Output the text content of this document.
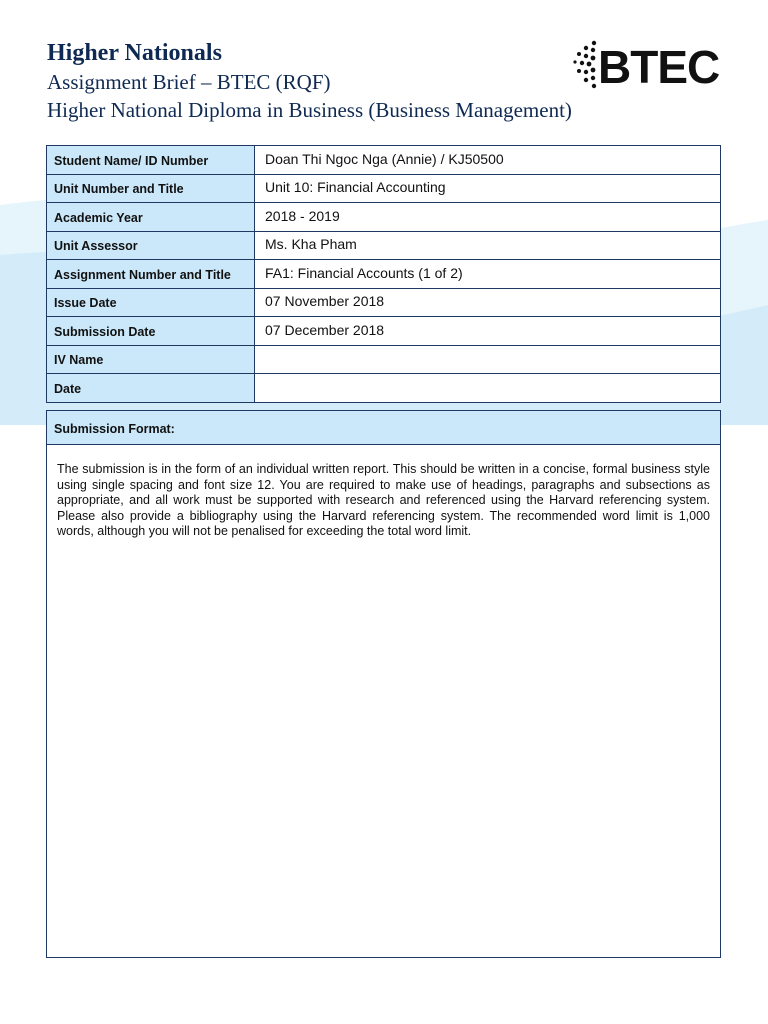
Higher Nationals
Assignment Brief – BTEC (RQF)
Higher National Diploma in Business (Business Management)
BTEC
Student Name/ ID Number	Doan Thi Ngoc Nga (Annie) / KJ50500
Unit Number and Title	Unit 10: Financial Accounting
Academic Year	2018 - 2019
Unit Assessor	Ms. Kha Pham
Assignment Number and Title	FA1: Financial Accounts (1 of 2)
Issue Date	07 November 2018
Submission Date	07 December 2018
IV Name	
Date	
Submission Format:
The submission is in the form of an individual written report. This should be written in a concise, formal business style using single spacing and font size 12. You are required to make use of headings, paragraphs and subsections as appropriate, and all work must be supported with research and referenced using the Harvard referencing system. Please also provide a bibliography using the Harvard referencing system. The recommended word limit is 1,000 words, although you will not be penalised for exceeding the total word limit.
